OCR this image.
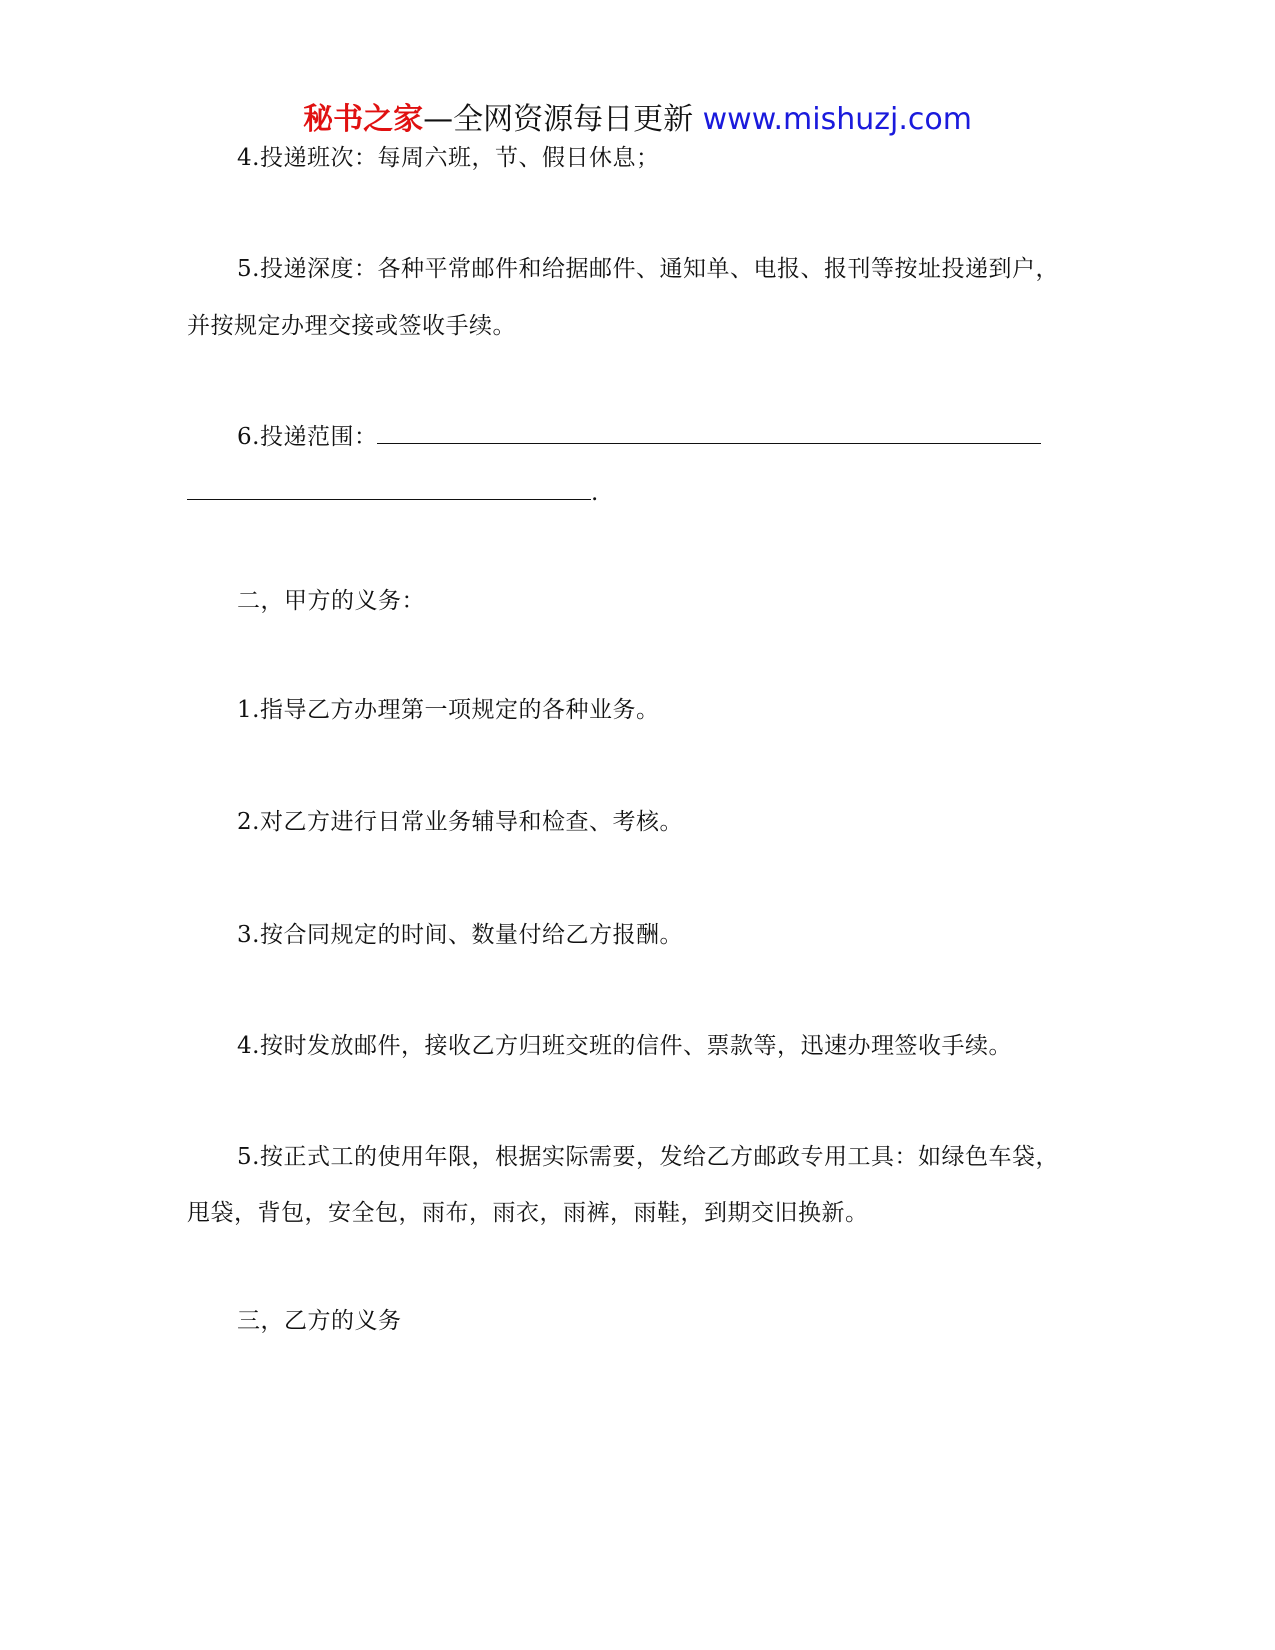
秘书之家—全网资源每日更新 www.mishuzj.com
4.投递班次：每周六班，节、假日休息；
5.投递深度：各种平常邮件和给据邮件、通知单、电报、报刊等按址投递到户，
并按规定办理交接或签收手续。
6.投递范围：
.
二，甲方的义务：
1.指导乙方办理第一项规定的各种业务。
2.对乙方进行日常业务辅导和检查、考核。
3.按合同规定的时间、数量付给乙方报酬。
4.按时发放邮件，接收乙方归班交班的信件、票款等，迅速办理签收手续。
5.按正式工的使用年限，根据实际需要，发给乙方邮政专用工具：如绿色车袋，
甩袋，背包，安全包，雨布，雨衣，雨裤，雨鞋，到期交旧换新。
三，乙方的义务
